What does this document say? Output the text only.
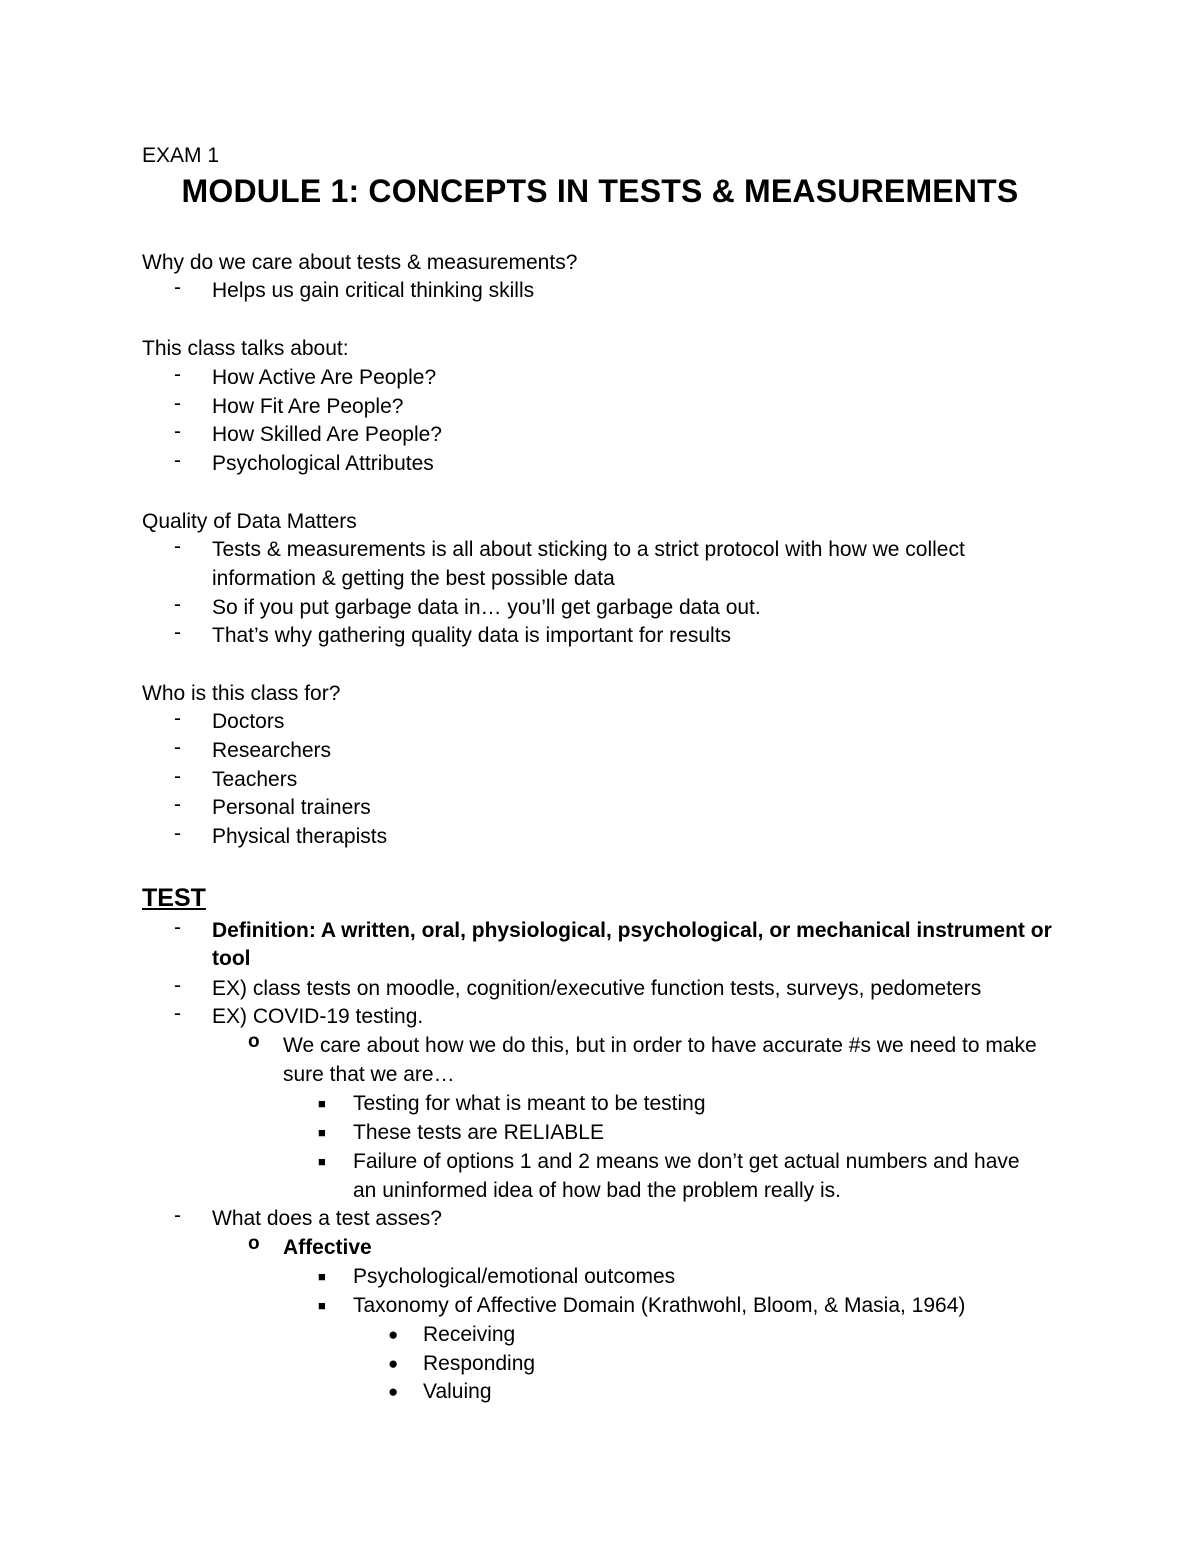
EXAM 1
MODULE 1: CONCEPTS IN TESTS & MEASUREMENTS
Why do we care about tests & measurements?
- Helps us gain critical thinking skills
This class talks about:
- How Active Are People?
- How Fit Are People?
- How Skilled Are People?
- Psychological Attributes
Quality of Data Matters
- Tests & measurements is all about sticking to a strict protocol with how we collect
information & getting the best possible data
- So if you put garbage data in… you’ll get garbage data out.
- That’s why gathering quality data is important for results
Who is this class for?
- Doctors
- Researchers
- Teachers
- Personal trainers
- Physical therapists
TEST
- Definition: A written, oral, physiological, psychological, or mechanical instrument or
tool
- EX) class tests on moodle, cognition/executive function tests, surveys, pedometers
- EX) COVID-19 testing.
o We care about how we do this, but in order to have accurate #s we need to make
sure that we are…
■ Testing for what is meant to be testing
■ These tests are RELIABLE
■ Failure of options 1 and 2 means we don’t get actual numbers and have
an uninformed idea of how bad the problem really is.
- What does a test asses?
o Affective
■ Psychological/emotional outcomes
■ Taxonomy of Affective Domain (Krathwohl, Bloom, & Masia, 1964)
● Receiving
● Responding
● Valuing
